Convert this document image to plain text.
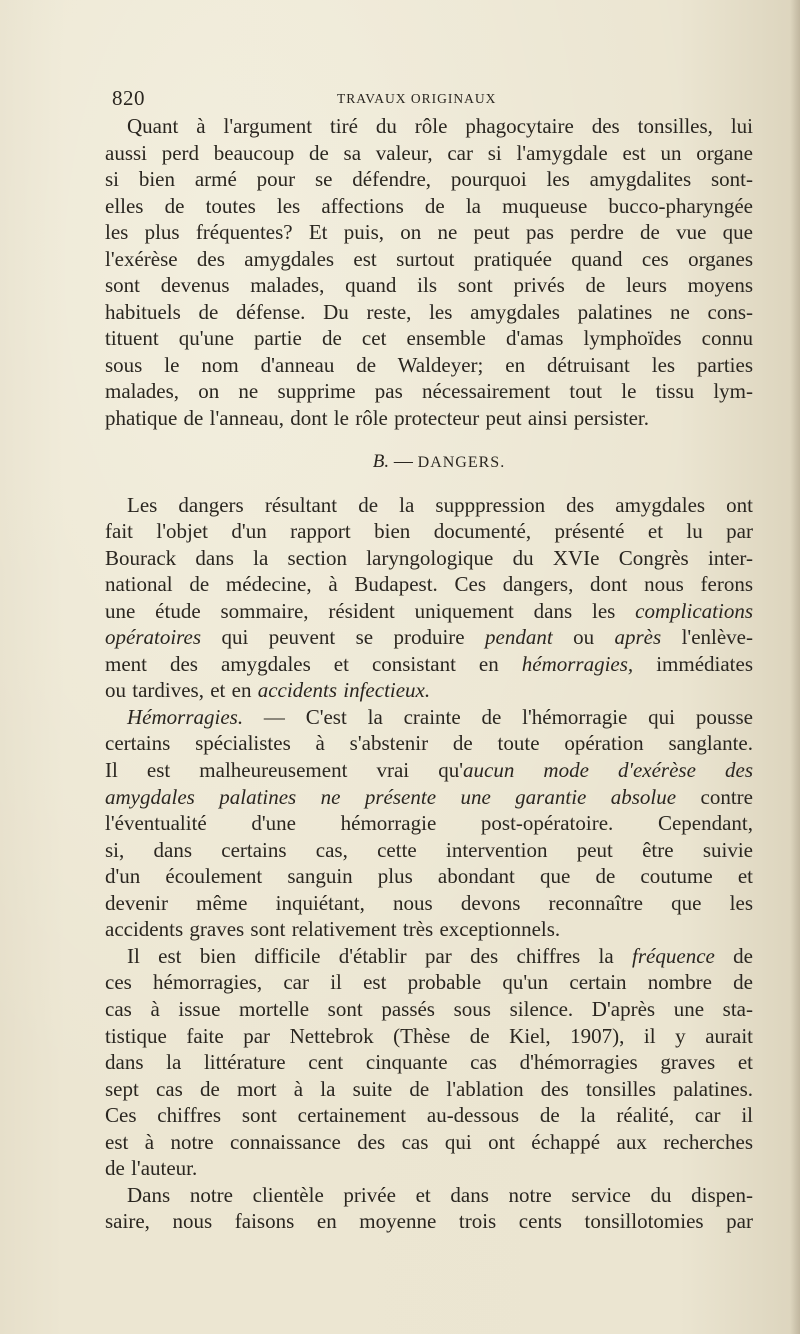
820	TRAVAUX ORIGINAUX
Quant à l'argument tiré du rôle phagocytaire des tonsilles, lui
aussi perd beaucoup de sa valeur, car si l'amygdale est un organe
si bien armé pour se défendre, pourquoi les amygdalites sont-
elles de toutes les affections de la muqueuse bucco-pharyngée
les plus fréquentes? Et puis, on ne peut pas perdre de vue que
l'exérèse des amygdales est surtout pratiquée quand ces organes
sont devenus malades, quand ils sont privés de leurs moyens
habituels de défense. Du reste, les amygdales palatines ne cons-
tituent qu'une partie de cet ensemble d'amas lymphoïdes connu
sous le nom d'anneau de Waldeyer; en détruisant les parties
malades, on ne supprime pas nécessairement tout le tissu lym-
phatique de l'anneau, dont le rôle protecteur peut ainsi persister.
B. — DANGERS.
Les dangers résultant de la supppression des amygdales ont
fait l'objet d'un rapport bien documenté, présenté et lu par
Bourack dans la section laryngologique du XVIe Congrès inter-
national de médecine, à Budapest. Ces dangers, dont nous ferons
une étude sommaire, résident uniquement dans les complications
opératoires qui peuvent se produire pendant ou après l'enlève-
ment des amygdales et consistant en hémorragies, immédiates
ou tardives, et en accidents infectieux.
Hémorragies. — C'est la crainte de l'hémorragie qui pousse
certains spécialistes à s'abstenir de toute opération sanglante.
Il est malheureusement vrai qu'aucun mode d'exérèse des
amygdales palatines ne présente une garantie absolue contre
l'éventualité d'une hémorragie post-opératoire. Cependant,
si, dans certains cas, cette intervention peut être suivie
d'un écoulement sanguin plus abondant que de coutume et
devenir même inquiétant, nous devons reconnaître que les
accidents graves sont relativement très exceptionnels.
Il est bien difficile d'établir par des chiffres la fréquence de
ces hémorragies, car il est probable qu'un certain nombre de
cas à issue mortelle sont passés sous silence. D'après une sta-
tistique faite par Nettebrok (Thèse de Kiel, 1907), il y aurait
dans la littérature cent cinquante cas d'hémorragies graves et
sept cas de mort à la suite de l'ablation des tonsilles palatines.
Ces chiffres sont certainement au-dessous de la réalité, car il
est à notre connaissance des cas qui ont échappé aux recherches
de l'auteur.
Dans notre clientèle privée et dans notre service du dispen-
saire, nous faisons en moyenne trois cents tonsillotomies par
